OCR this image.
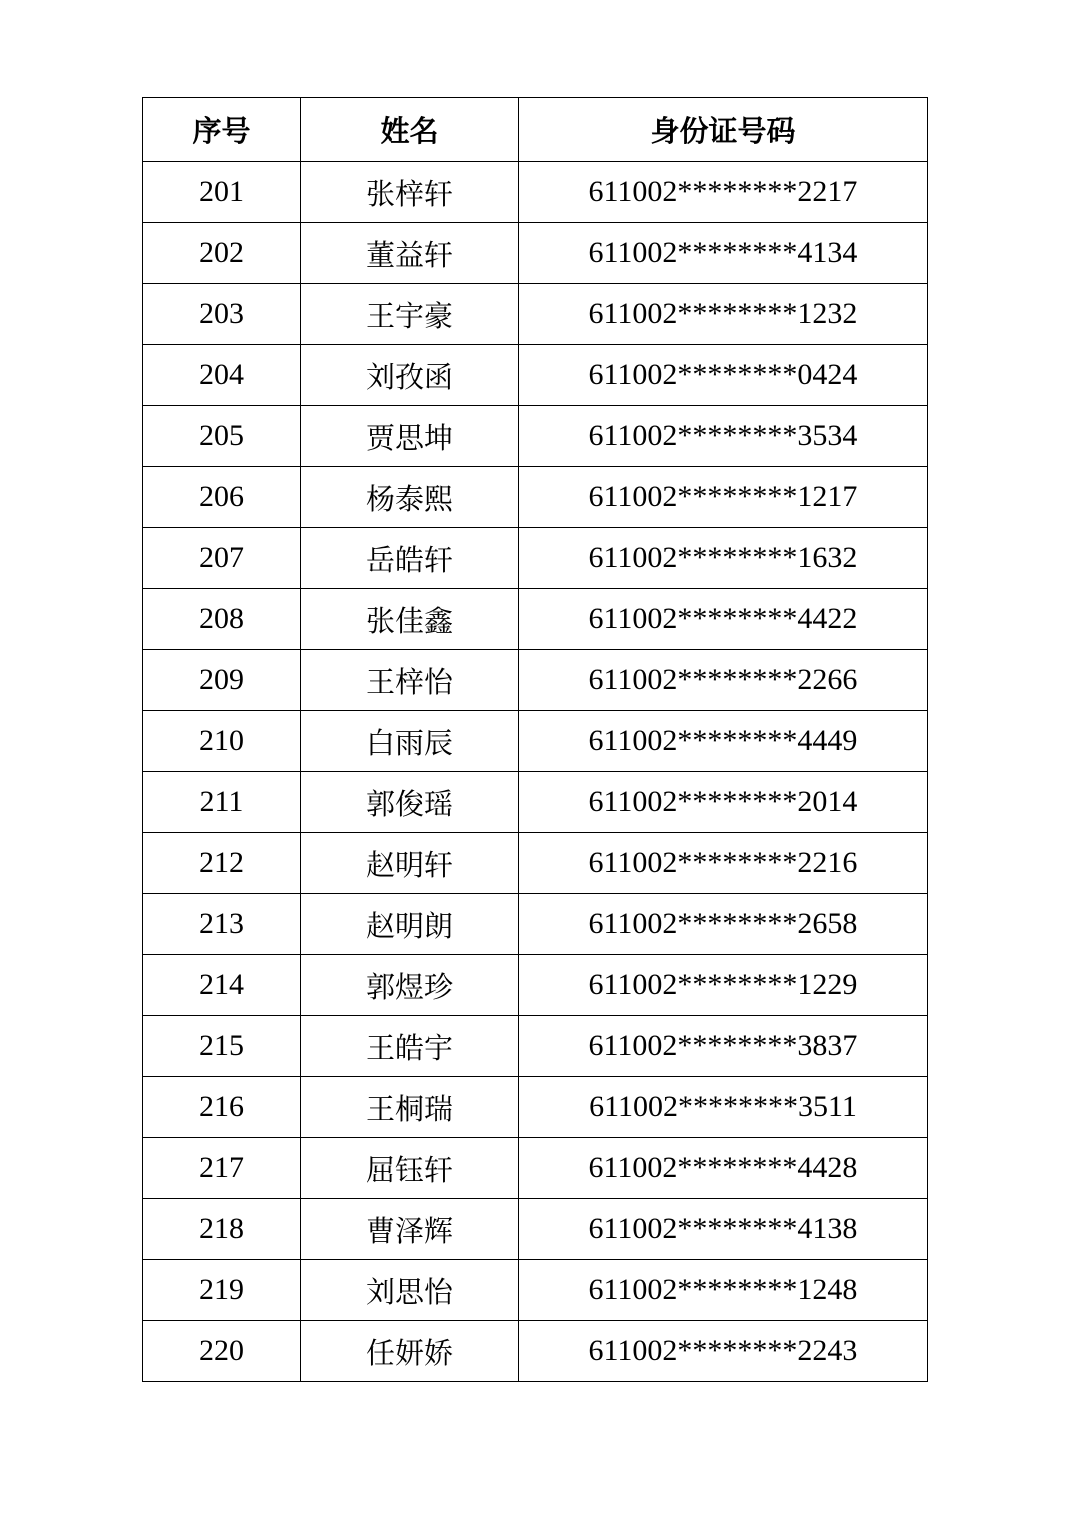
序号	姓名	身份证号码
201	张梓轩	611002********2217
202	董益轩	611002********4134
203	王宇豪	611002********1232
204	刘孜函	611002********0424
205	贾思坤	611002********3534
206	杨泰熙	611002********1217
207	岳皓轩	611002********1632
208	张佳鑫	611002********4422
209	王梓怡	611002********2266
210	白雨辰	611002********4449
211	郭俊瑶	611002********2014
212	赵明轩	611002********2216
213	赵明朗	611002********2658
214	郭煜珍	611002********1229
215	王皓宇	611002********3837
216	王桐瑞	611002********3511
217	屈钰轩	611002********4428
218	曹泽辉	611002********4138
219	刘思怡	611002********1248
220	任妍娇	611002********2243
